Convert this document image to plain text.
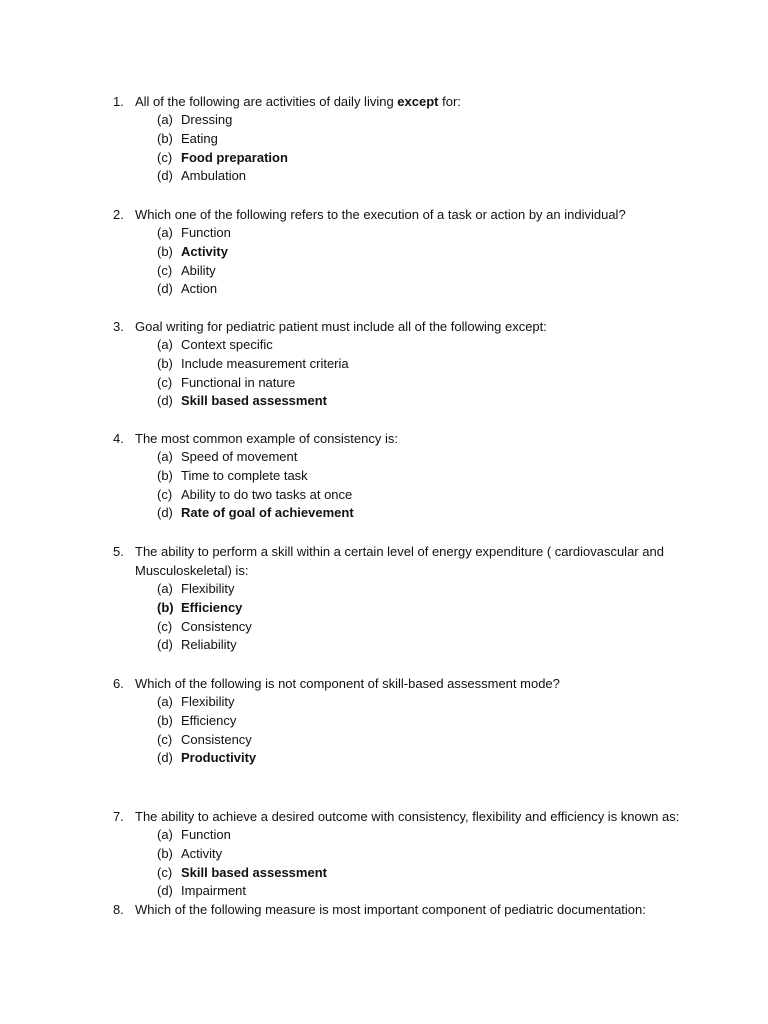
1. All of the following are activities of daily living except for:
(a) Dressing
(b) Eating
(c) Food preparation
(d) Ambulation
2. Which one of the following refers to the execution of a task or action by an individual?
(a) Function
(b) Activity
(c) Ability
(d) Action
3. Goal writing for pediatric patient must include all of the following except:
(a) Context specific
(b) Include measurement criteria
(c) Functional in nature
(d) Skill based assessment
4. The most common example of consistency is:
(a) Speed of movement
(b) Time to complete task
(c) Ability to do two tasks at once
(d) Rate of goal of achievement
5. The ability to perform a skill within a certain level of energy expenditure ( cardiovascular and
Musculoskeletal) is:
(a) Flexibility
(b) Efficiency
(c) Consistency
(d) Reliability
6. Which of the following is not component of skill-based assessment mode?
(a) Flexibility
(b) Efficiency
(c) Consistency
(d) Productivity
7. The ability to achieve a desired outcome with consistency, flexibility and efficiency is known as:
(a) Function
(b) Activity
(c) Skill based assessment
(d) Impairment
8. Which of the following measure is most important component of pediatric documentation:
